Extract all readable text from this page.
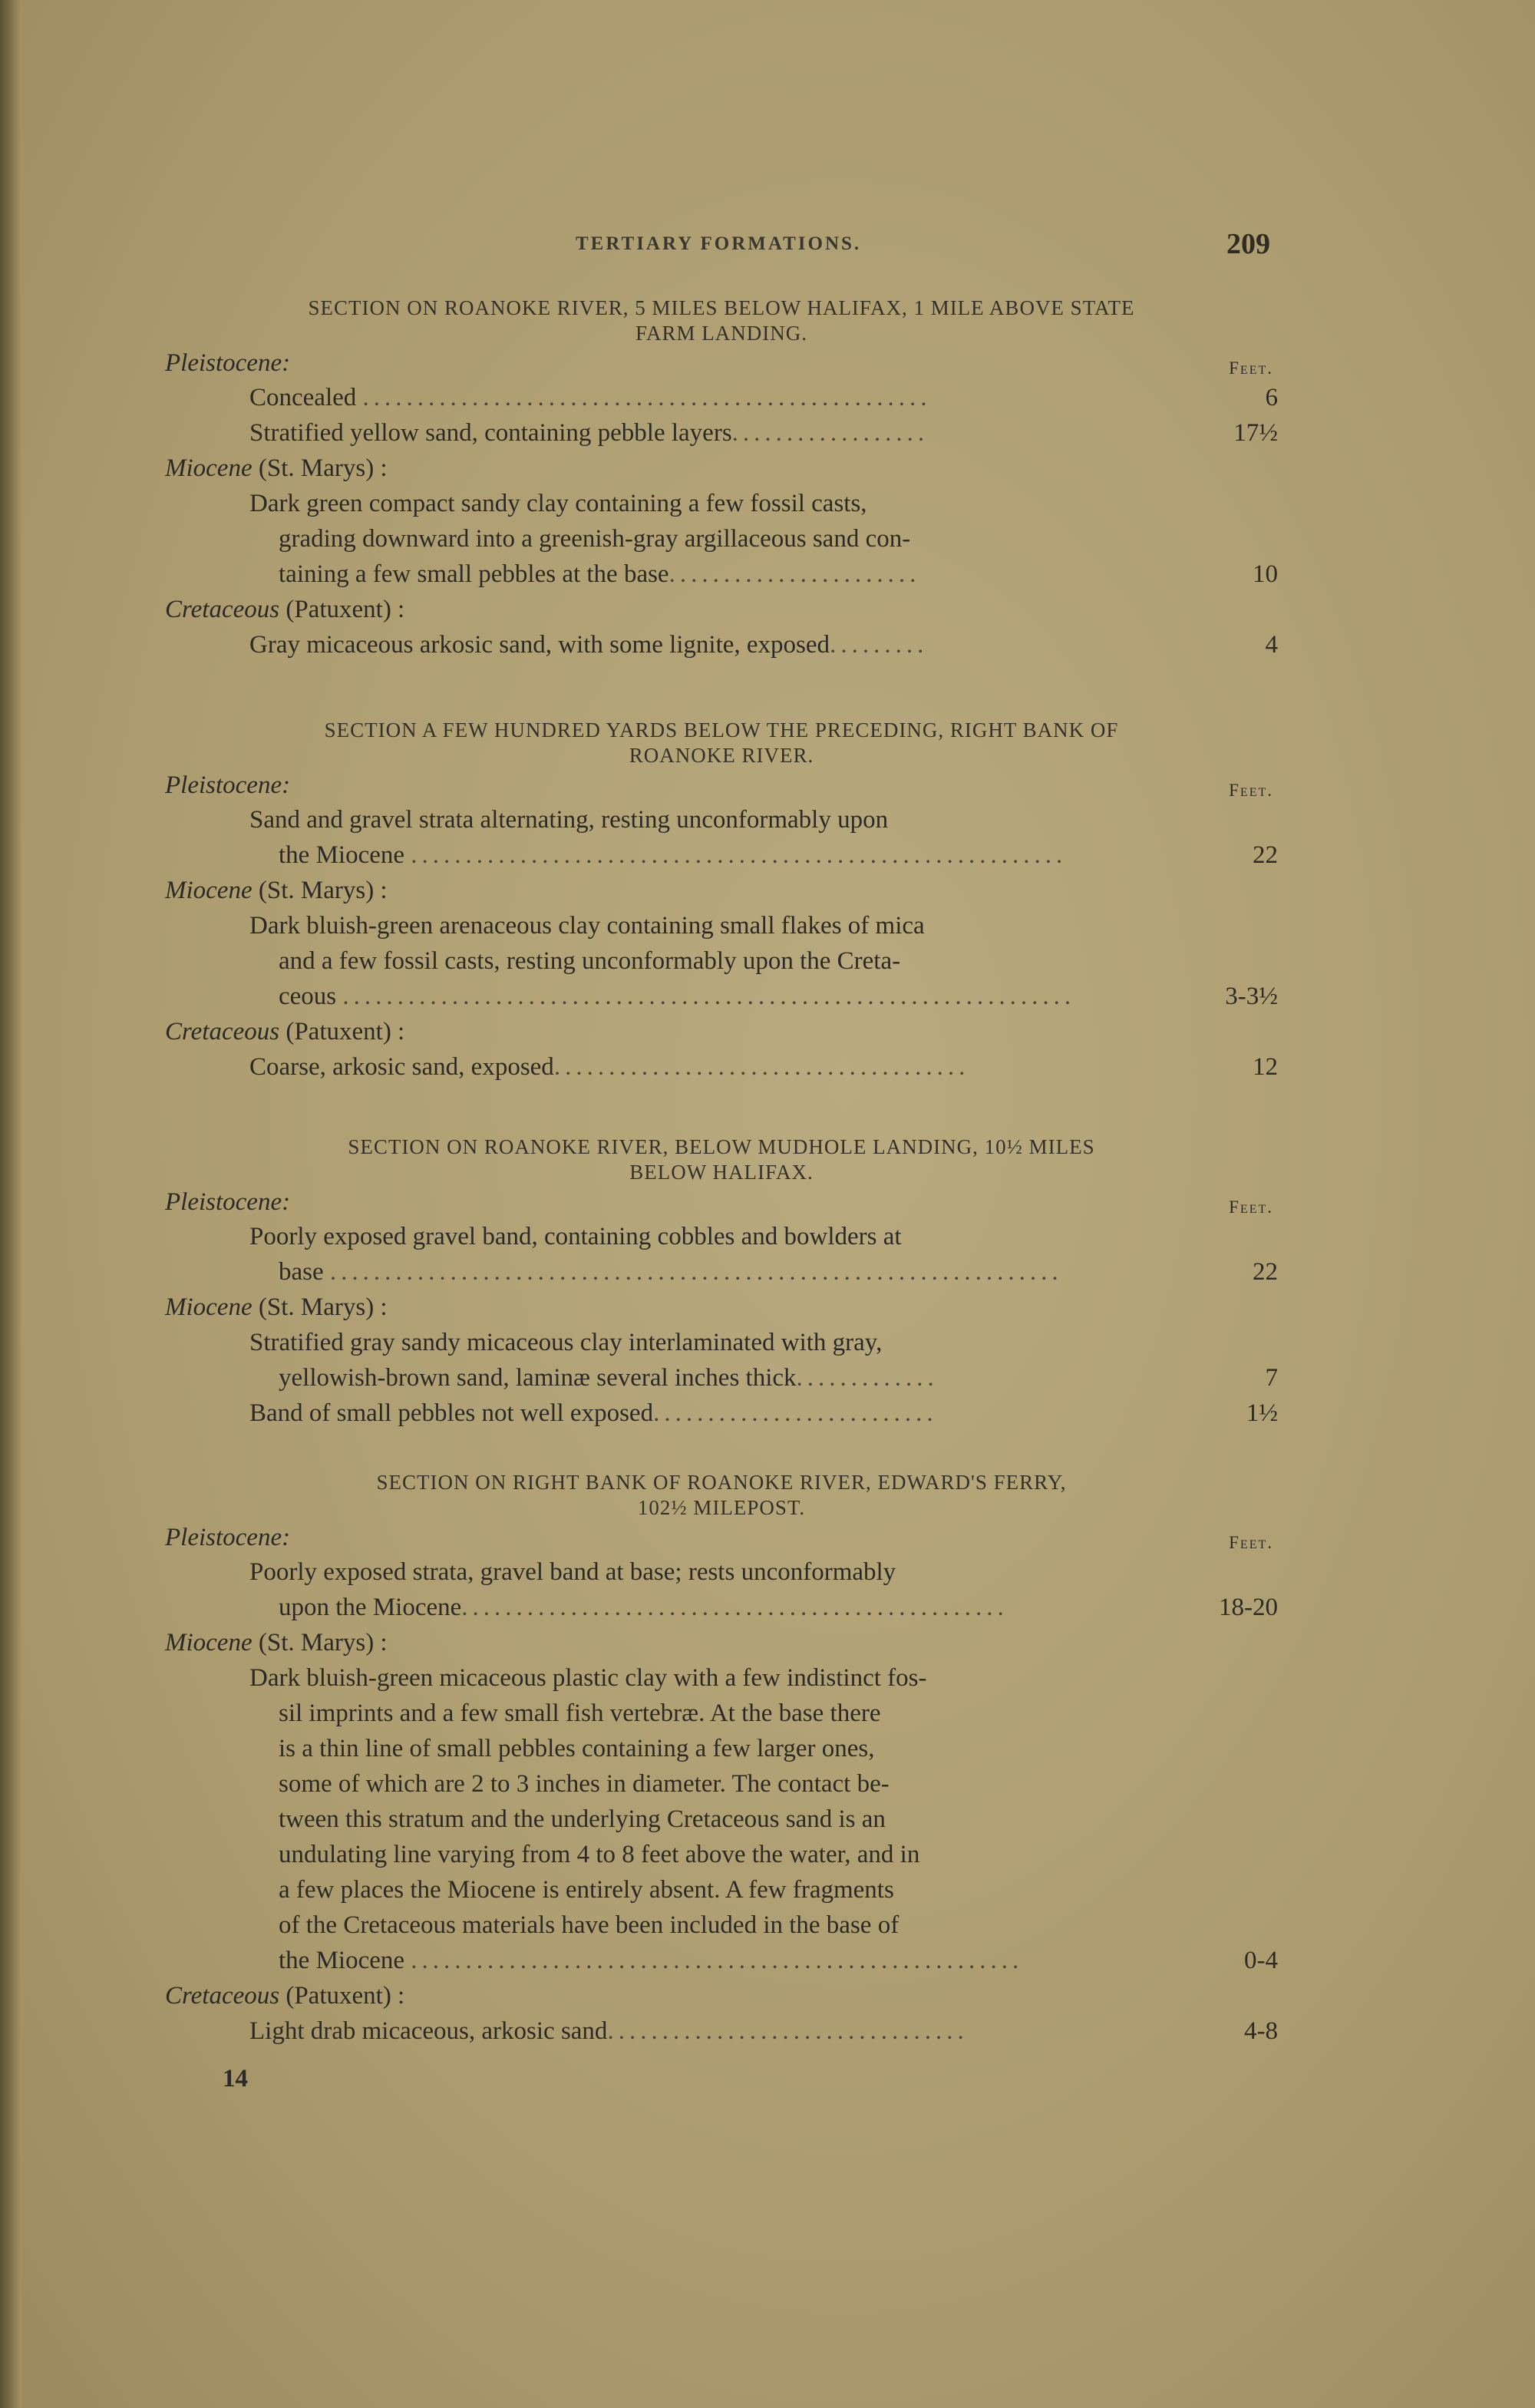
TERTIARY FORMATIONS.	209
SECTION ON ROANOKE RIVER, 5 MILES BELOW HALIFAX, 1 MILE ABOVE STATE
FARM LANDING.
Pleistocene:	Feet.
Concealed ....................................................	6
Stratified yellow sand, containing pebble layers..................	17½
Miocene (St. Marys) :
Dark green compact sandy clay containing a few fossil casts,
grading downward into a greenish-gray argillaceous sand con-
taining a few small pebbles at the base.......................	10
Cretaceous (Patuxent) :
Gray micaceous arkosic sand, with some lignite, exposed.........	4
SECTION A FEW HUNDRED YARDS BELOW THE PRECEDING, RIGHT BANK OF
ROANOKE RIVER.
Pleistocene:	Feet.
Sand and gravel strata alternating, resting unconformably upon
the Miocene ............................................................	22
Miocene (St. Marys) :
Dark bluish-green arenaceous clay containing small flakes of mica
and a few fossil casts, resting unconformably upon the Creta-
ceous ...................................................................	3-3½
Cretaceous (Patuxent) :
Coarse, arkosic sand, exposed......................................	12
SECTION ON ROANOKE RIVER, BELOW MUDHOLE LANDING, 10½ MILES
BELOW HALIFAX.
Pleistocene:	Feet.
Poorly exposed gravel band, containing cobbles and bowlders at
base ...................................................................	22
Miocene (St. Marys) :
Stratified gray sandy micaceous clay interlaminated with gray,
yellowish-brown sand, laminæ several inches thick.............	7
Band of small pebbles not well exposed..........................	1½
SECTION ON RIGHT BANK OF ROANOKE RIVER, EDWARD'S FERRY,
102½ MILEPOST.
Pleistocene:	Feet.
Poorly exposed strata, gravel band at base; rests unconformably
upon the Miocene..................................................	18-20
Miocene (St. Marys) :
Dark bluish-green micaceous plastic clay with a few indistinct fos-
sil imprints and a few small fish vertebræ. At the base there
is a thin line of small pebbles containing a few larger ones,
some of which are 2 to 3 inches in diameter. The contact be-
tween this stratum and the underlying Cretaceous sand is an
undulating line varying from 4 to 8 feet above the water, and in
a few places the Miocene is entirely absent. A few fragments
of the Cretaceous materials have been included in the base of
the Miocene ........................................................	0-4
Cretaceous (Patuxent) :
Light drab micaceous, arkosic sand.................................	4-8
14
